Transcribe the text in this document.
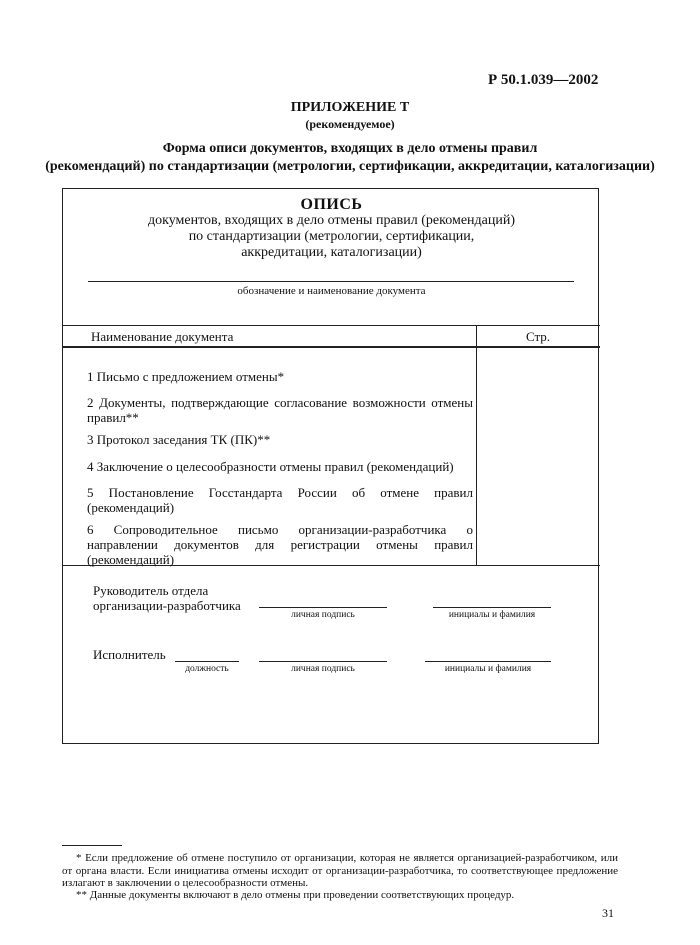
Р 50.1.039—2002
ПРИЛОЖЕНИЕ Т
(рекомендуемое)
Форма описи документов, входящих в дело отмены правил
(рекомендаций) по стандартизации (метрологии, сертификации, аккредитации, каталогизации)
ОПИСЬ
документов, входящих в дело отмены правил (рекомендаций)
по стандартизации (метрологии, сертификации,
аккредитации, каталогизации)
обозначение и наименование документа
Наименование документа	Стр.
1 Письмо с предложением отмены*
2 Документы, подтверждающие согласование возможности отмены правил**
3 Протокол заседания ТК (ПК)**
4 Заключение о целесообразности отмены правил (рекомендаций)
5 Постановление Госстандарта России об отмене правил (рекомендаций)
6 Сопроводительное письмо организации-разработчика о направлении документов для регистрации отмены правил (рекомендаций)
Руководитель отдела
организации-разработчика
личная подпись	инициалы и фамилия
Исполнитель
должность	личная подпись	инициалы и фамилия
* Если предложение об отмене поступило от организации, которая не является организацией-разработчиком, или от органа власти. Если инициатива отмены исходит от организации-разработчика, то соответствующее предложение излагают в заключении о целесообразности отмены.
** Данные документы включают в дело отмены при проведении соответствующих процедур.
31
